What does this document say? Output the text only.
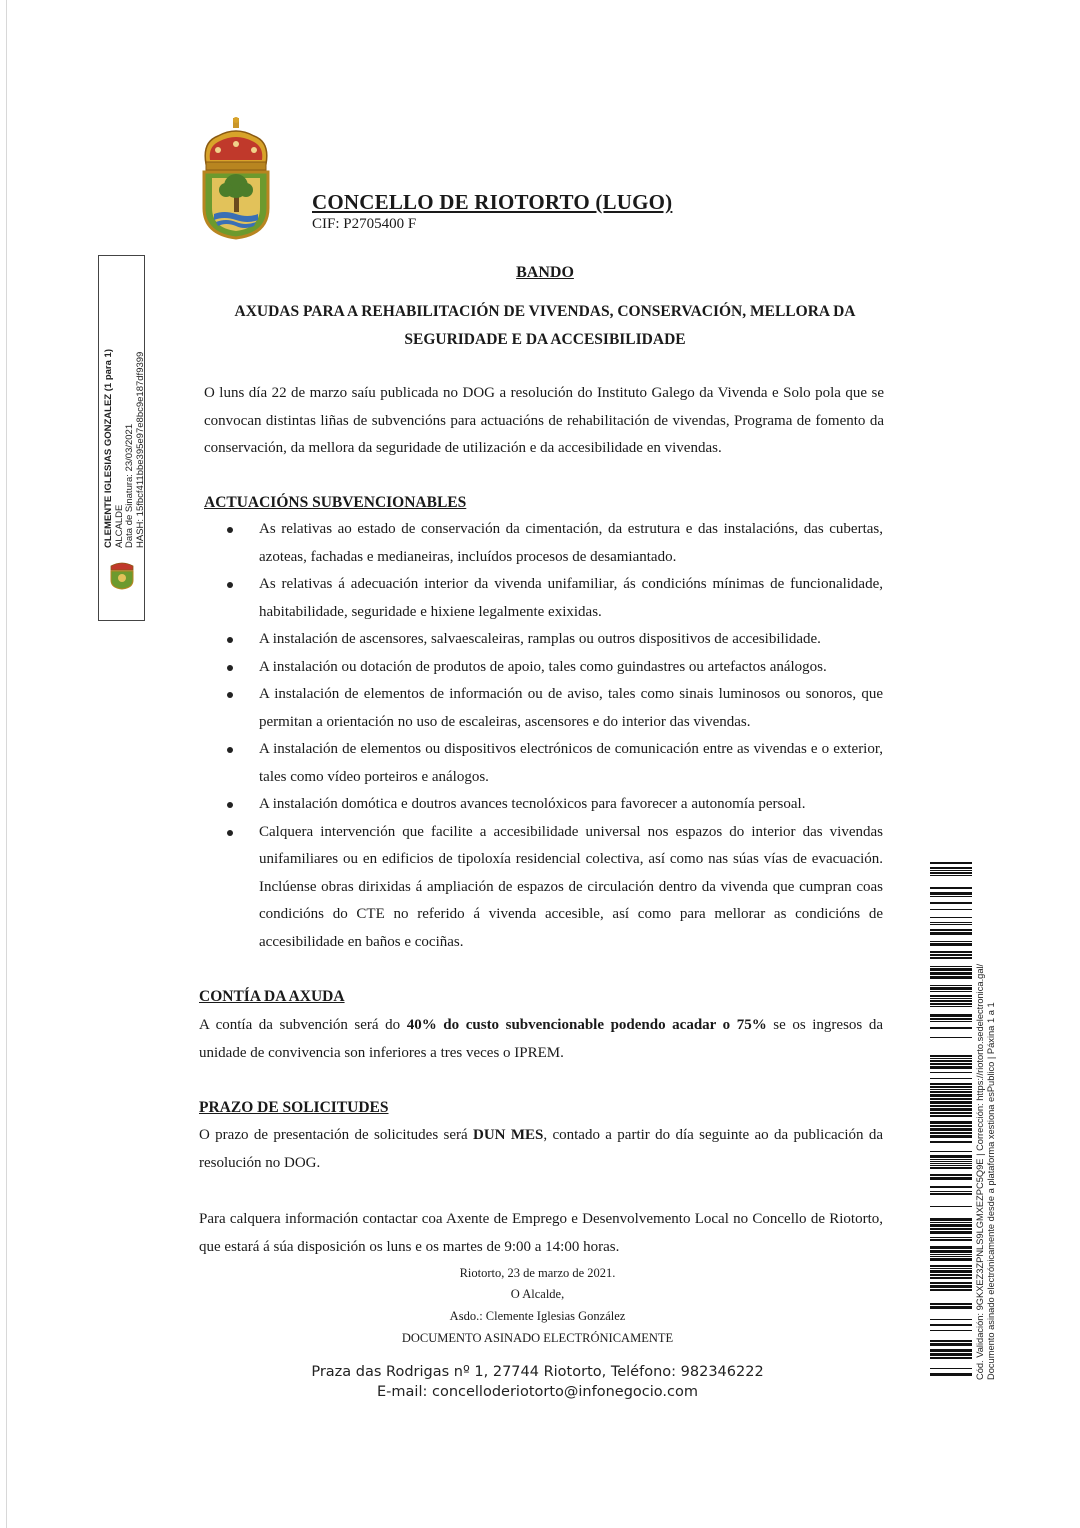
CONCELLO DE RIOTORTO (LUGO)
CIF: P2705400 F
CLEMENTE IGLESIAS GONZALEZ (1 para 1) ALCALDE Data de Sinatura: 23/03/2021 HASH: 15fbcf411bbe395e97e8bc9e187df9399
BANDO
AXUDAS PARA A REHABILITACIÓN DE VIVENDAS, CONSERVACIÓN, MELLORA DA
SEGURIDADE E DA ACCESIBILIDADE
O luns día 22 de marzo saíu publicada no DOG a resolución do Instituto Galego da Vivenda e Solo pola que se convocan distintas liñas de subvencións para actuacións de rehabilitación de vivendas, Programa de fomento da conservación, da mellora da seguridade de utilización e da accesibilidade en vivendas.
ACTUACIÓNS SUBVENCIONABLES
As relativas ao estado de conservación da cimentación, da estrutura e das instalacións, das cubertas, azoteas, fachadas e medianeiras, incluídos procesos de desamiantado.
As relativas á adecuación interior da vivenda unifamiliar, ás condicións mínimas de funcionalidade, habitabilidade, seguridade e hixiene legalmente exixidas.
A instalación de ascensores, salvaescaleiras, ramplas ou outros dispositivos de accesibilidade.
A instalación ou dotación de produtos de apoio, tales como guindastres ou artefactos análogos.
A instalación de elementos de información ou de aviso, tales como sinais luminosos ou sonoros, que permitan a orientación no uso de escaleiras, ascensores e do interior das vivendas.
A instalación de elementos ou dispositivos electrónicos de comunicación entre as vivendas e o exterior, tales como vídeo porteiros e análogos.
A instalación domótica e doutros avances tecnolóxicos para favorecer a autonomía persoal.
Calquera intervención que facilite a accesibilidade universal nos espazos do interior das vivendas unifamiliares ou en edificios de tipoloxía residencial colectiva, así como nas súas vías de evacuación. Inclúense obras dirixidas á ampliación de espazos de circulación dentro da vivenda que cumpran coas condicións do CTE no referido á vivenda accesible, así como para mellorar as condicións de accesibilidade en baños e cociñas.
CONTÍA DA AXUDA
A contía da subvención será do 40% do custo subvencionable podendo acadar o 75% se os ingresos da unidade de convivencia son inferiores a tres veces o IPREM.
PRAZO DE SOLICITUDES
O prazo de presentación de solicitudes será DUN MES, contado a partir do día seguinte ao da publicación da resolución no DOG.
Para calquera información contactar coa Axente de Emprego e Desenvolvemento Local no Concello de Riotorto, que estará á súa disposición os luns e os martes de 9:00 a 14:00 horas.
Riotorto, 23 de marzo de 2021.
O Alcalde,
Asdo.: Clemente Iglesias González
DOCUMENTO ASINADO ELECTRÓNICAMENTE
Praza das Rodrigas nº 1, 27744 Riotorto, Teléfono: 982346222
E-mail: concelloderiotorto@infonegocio.com
Cód. Validación: 9GKXEZ3ZPNLS9LGMXEZPC5Q9E | Corrección: https://riotorto.sedelectronica.gal/ Documento asinado electrónicamente desde a plataforma xestiona esPublico | Páxina 1 a 1
